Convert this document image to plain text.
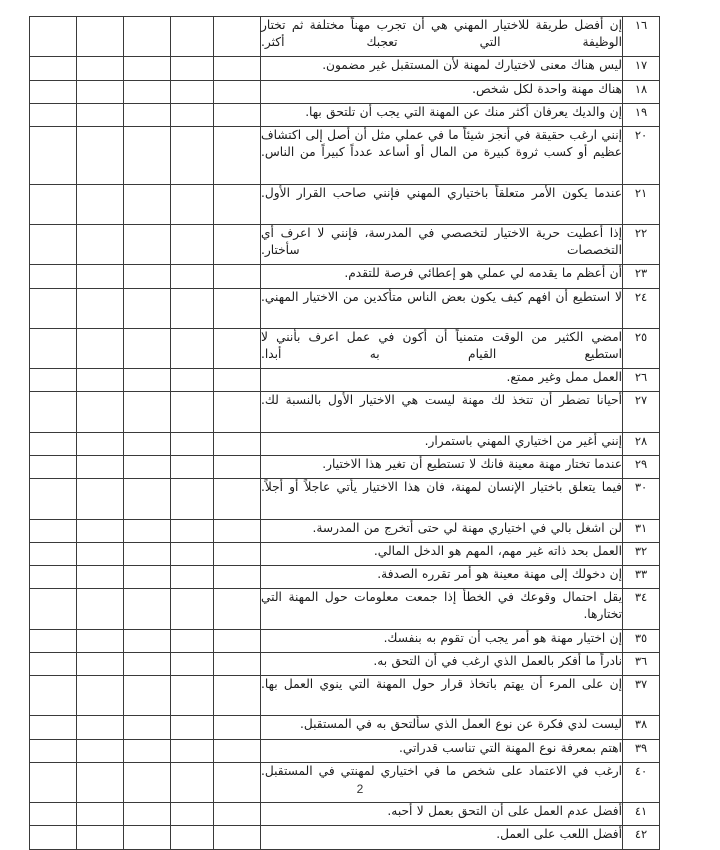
١٦	إن أفضل طريقة للاختيار المهني هي أن تجرب مهناً مختلفة ثم تختار الوظيفة التي تعجبك أكثر.					
١٧	ليس هناك معنى لاختيارك لمهنة لأن المستقبل غير مضمون.					
١٨	هناك مهنة واحدة لكل شخص.					
١٩	إن والديك يعرفان أكثر منك عن المهنة التي يجب أن تلتحق بها.					
٢٠	إنني ارغب حقيقة في أنجز شيئاً ما في عملي مثل أن أصل إلى اكتشاف عظيم أو كسب ثروة كبيرة من المال أو أساعد عدداً كبيراً من الناس.					
٢١	عندما يكون الأمر متعلقاً باختياري المهني فإنني صاحب القرار الأول.					
٢٢	إذا أعطيت حرية الاختيار لتخصصي في المدرسة، فإنني لا اعرف أي التخصصات سأختار.					
٢٣	أن أعظم ما يقدمه لي عملي هو إعطائي فرصة للتقدم.					
٢٤	لا استطيع أن افهم كيف يكون بعض الناس متأكدين من الاختيار المهني.					
٢٥	امضي الكثير من الوقت متمنياً أن أكون في عمل اعرف بأنني لا استطيع القيام به أبدا.					
٢٦	العمل ممل وغير ممتع.					
٢٧	أحيانا تضطر أن تتخذ لك مهنة ليست هي الاختيار الأول بالنسبة لك.					
٢٨	إنني أغير من اختياري المهني باستمرار.					
٢٩	عندما تختار مهنة معينة فانك لا تستطيع أن تغير هذا الاختيار.					
٣٠	فيما يتعلق باختيار الإنسان لمهنة، فان هذا الاختيار يأتي عاجلاً أو أجلاً.					
٣١	لن اشغل بالي في اختياري مهنة لي حتى أتخرج من المدرسة.					
٣٢	العمل بحد ذاته غير مهم، المهم هو الدخل المالي.					
٣٣	إن دخولك إلى مهنة معينة هو أمر تقرره الصدفة.					
٣٤	يقل احتمال وقوعك في الخطأ إذا جمعت معلومات حول المهنة التي تختارها.					
٣٥	إن اختيار مهنة هو أمر يجب أن تقوم به بنفسك.					
٣٦	نادراً ما أفكر بالعمل الذي ارغب في أن التحق به.					
٣٧	إن على المرء أن يهتم باتخاذ قرار حول المهنة التي ينوي العمل بها.					
٣٨	ليست لدي فكرة عن نوع العمل الذي سألتحق به في المستقبل.					
٣٩	اهتم بمعرفة نوع المهنة التي تناسب قدراتي.					
٤٠	ارغب في الاعتماد على شخص ما في اختياري لمهنتي في المستقبل.					
٤١	أفضل عدم العمل على أن التحق بعمل لا أحبه.					
٤٢	أفضل اللعب على العمل.					
2
